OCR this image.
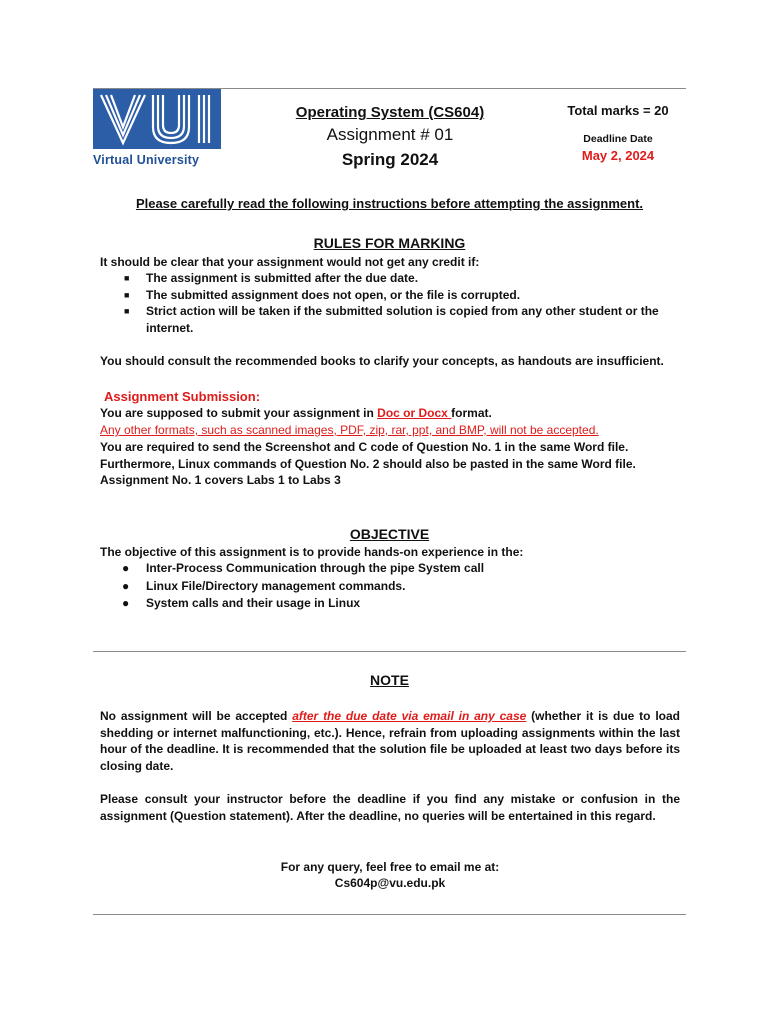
Virtual University
Operating System (CS604)
Assignment # 01
Spring 2024
Total marks = 20
Deadline Date
May 2, 2024
Please carefully read the following instructions before attempting the assignment.
RULES FOR MARKING
It should be clear that your assignment would not get any credit if:
■ The assignment is submitted after the due date.
■ The submitted assignment does not open, or the file is corrupted.
■ Strict action will be taken if the submitted solution is copied from any other student or the internet.
You should consult the recommended books to clarify your concepts, as handouts are insufficient.
Assignment Submission:
You are supposed to submit your assignment in Doc or Docx format.
Any other formats, such as scanned images, PDF, zip, rar, ppt, and BMP, will not be accepted.
You are required to send the Screenshot and C code of Question No. 1 in the same Word file.
Furthermore, Linux commands of Question No. 2 should also be pasted in the same Word file.
Assignment No. 1 covers Labs 1 to Labs 3
OBJECTIVE
The objective of this assignment is to provide hands-on experience in the:
● Inter-Process Communication through the pipe System call
● Linux File/Directory management commands.
● System calls and their usage in Linux
NOTE
No assignment will be accepted after the due date via email in any case (whether it is due to load shedding or internet malfunctioning, etc.). Hence, refrain from uploading assignments within the last hour of the deadline. It is recommended that the solution file be uploaded at least two days before its closing date.
Please consult your instructor before the deadline if you find any mistake or confusion in the assignment (Question statement). After the deadline, no queries will be entertained in this regard.
For any query, feel free to email me at:
Cs604p@vu.edu.pk
